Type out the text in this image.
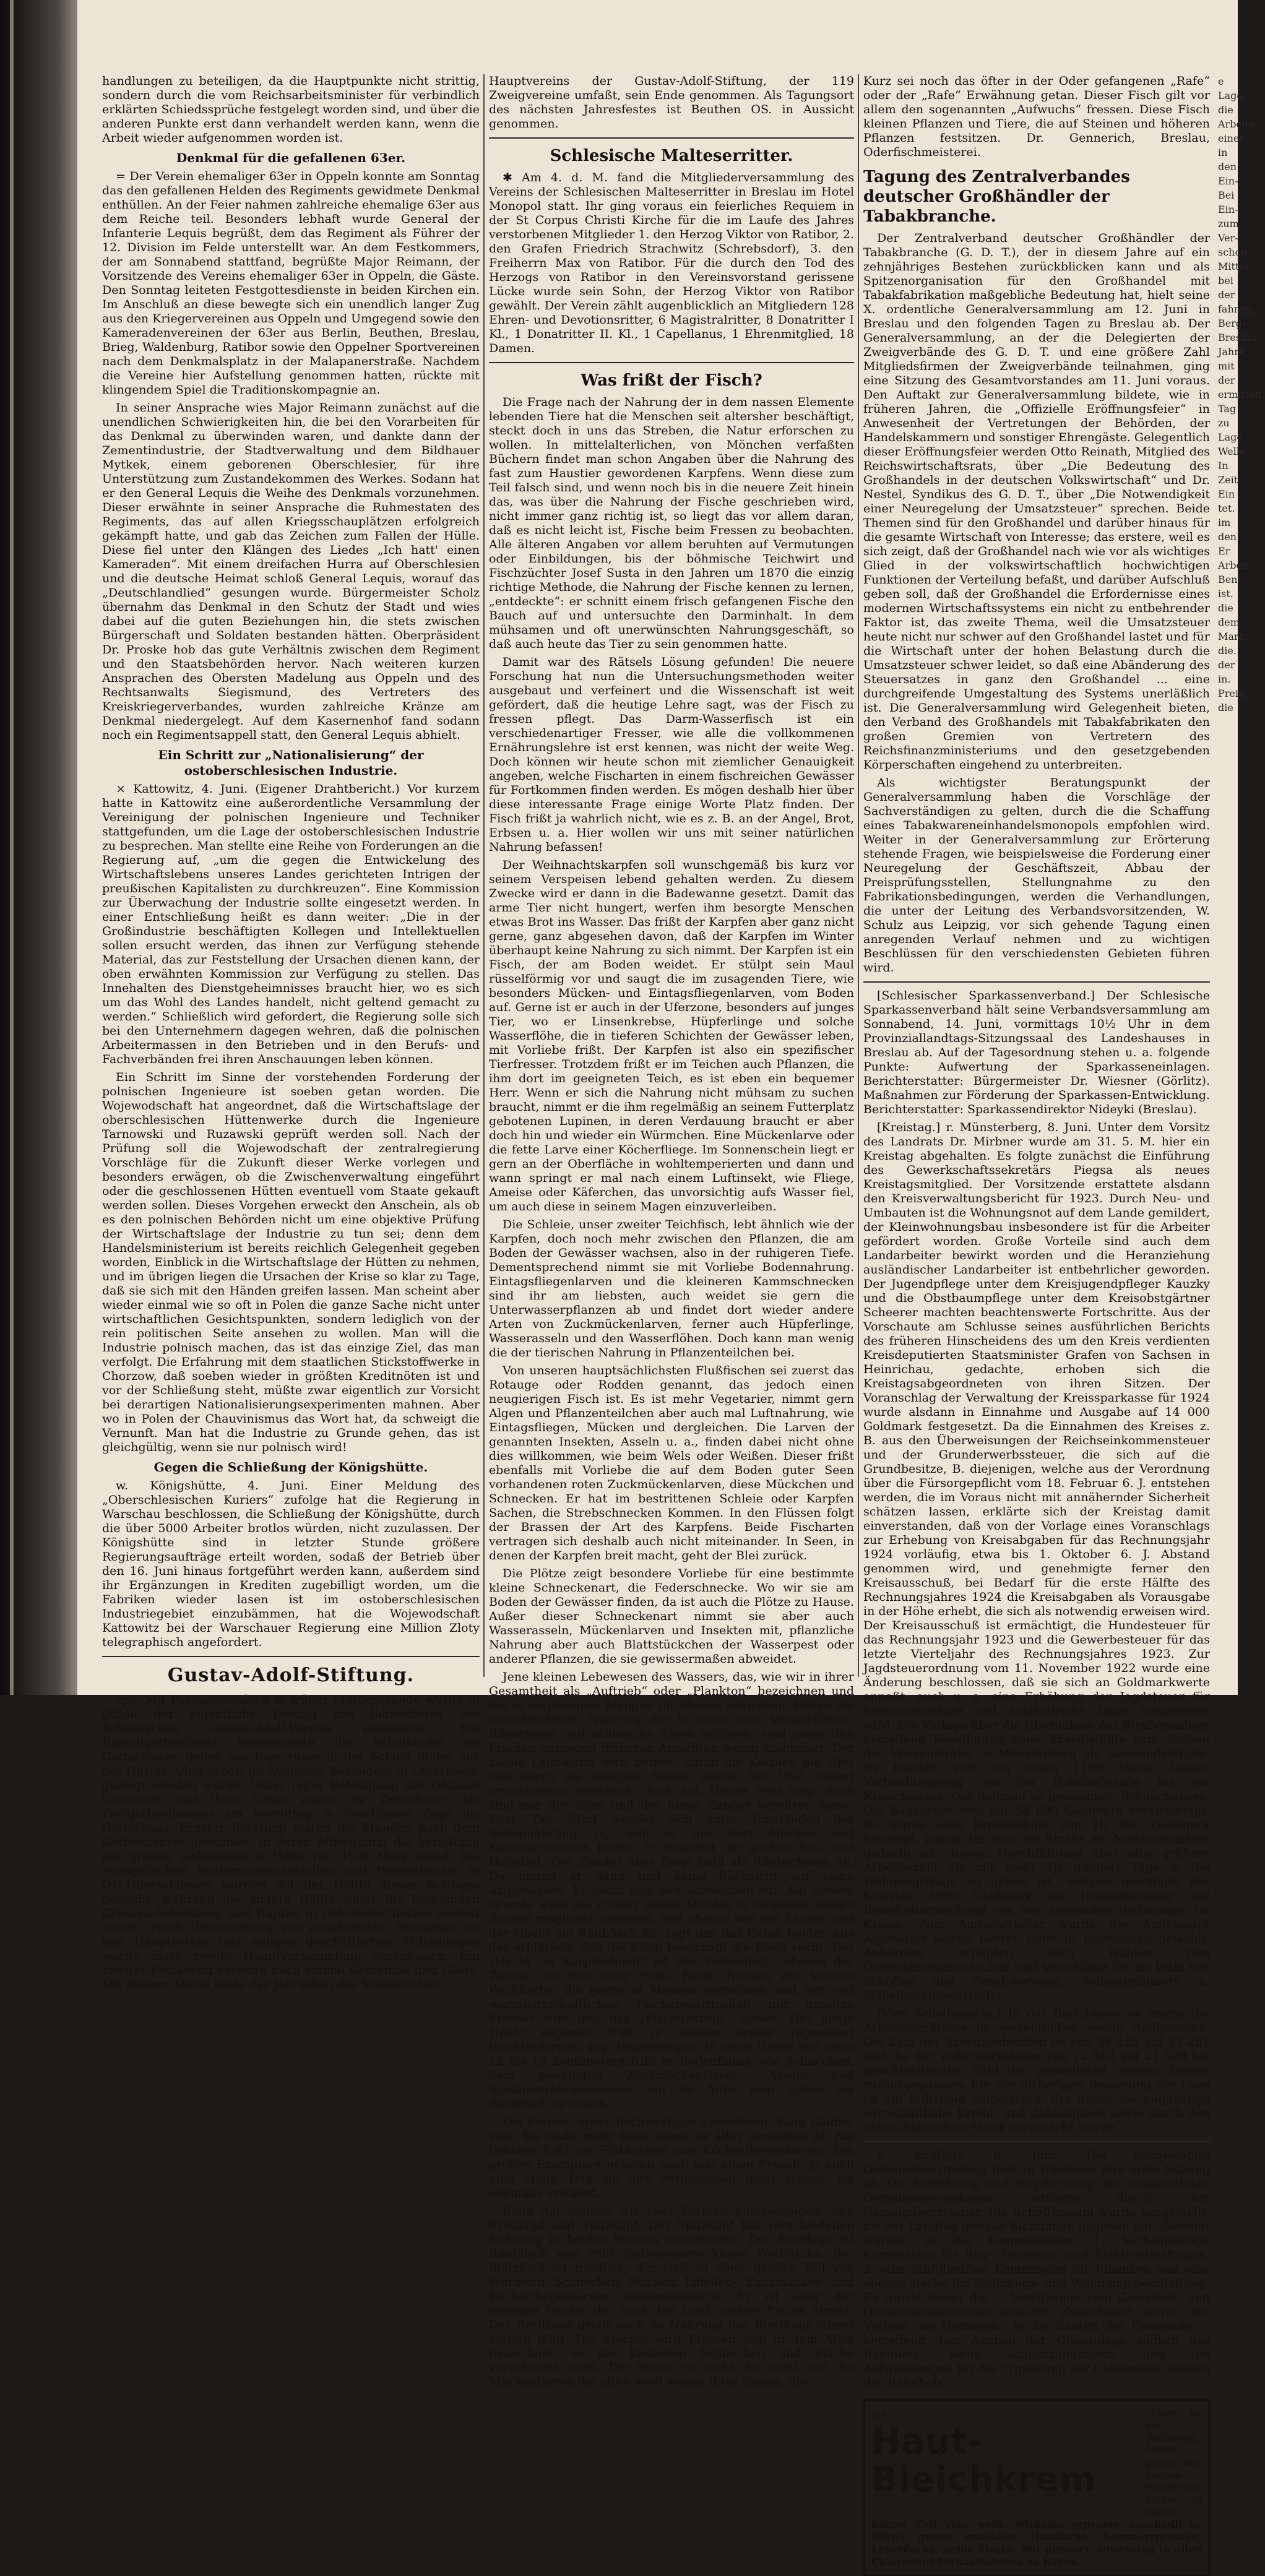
handlungen zu beteiligen, da die Hauptpunkte nicht strittig, sondern durch die vom Reichsarbeitsminister für verbindlich erklärten Schiedssprüche festgelegt worden sind, und über die anderen Punkte erst dann verhandelt werden kann, wenn die Arbeit wieder aufgenommen worden ist.

Denkmal für die gefallenen 63er.

= Der Verein ehemaliger 63er in Oppeln konnte am Sonntag das den gefallenen Helden des Regiments gewidmete Denkmal enthüllen. An der Feier nahmen zahlreiche ehemalige 63er aus dem Reiche teil. Besonders lebhaft wurde General der Infanterie Lequis begrüßt, dem das Regiment als Führer der 12. Division im Felde unterstellt war. An dem Festkommers, der am Sonnabend stattfand, begrüßte Major Reimann, der Vorsitzende des Vereins ehemaliger 63er in Oppeln, die Gäste. Den Sonntag leiteten Festgottesdienste in beiden Kirchen ein. Im Anschluß an diese bewegte sich ein unendlich langer Zug aus den Kriegervereinen aus Oppeln und Umgegend sowie den Kameradenvereinen der 63er aus Berlin, Beuthen, Breslau, Brieg, Waldenburg, Ratibor sowie den Oppelner Sportvereinen nach dem Denkmalsplatz in der Malapanerstraße. Nachdem die Vereine hier Aufstellung genommen hatten, rückte mit klingendem Spiel die Traditionskompagnie an.

In seiner Ansprache wies Major Reimann zunächst auf die unendlichen Schwierigkeiten hin, die bei den Vorarbeiten für das Denkmal zu überwinden waren, und dankte dann der Zementindustrie, der Stadtverwaltung und dem Bildhauer Mytkek, einem geborenen Oberschlesier, für ihre Unterstützung zum Zustandekommen des Werkes. Sodann hat er den General Lequis die Weihe des Denkmals vorzunehmen. Dieser erwähnte in seiner Ansprache die Ruhmestaten des Regiments, das auf allen Kriegsschauplätzen erfolgreich gekämpft hatte, und gab das Zeichen zum Fallen der Hülle. Diese fiel unter den Klängen des Liedes „Ich hatt' einen Kameraden“. Mit einem dreifachen Hurra auf Oberschlesien und die deutsche Heimat schloß General Lequis, worauf das „Deutschlandlied“ gesungen wurde. Bürgermeister Scholz übernahm das Denkmal in den Schutz der Stadt und wies dabei auf die guten Beziehungen hin, die stets zwischen Bürgerschaft und Soldaten bestanden hätten. Oberpräsident Dr. Proske hob das gute Verhältnis zwischen dem Regiment und den Staatsbehörden hervor. Nach weiteren kurzen Ansprachen des Obersten Madelung aus Oppeln und des Rechtsanwalts Siegismund, des Vertreters des Kreiskriegerverbandes, wurden zahlreiche Kränze am Denkmal niedergelegt. Auf dem Kasernenhof fand sodann noch ein Regimentsappell statt, den General Lequis abhielt.

Ein Schritt zur „Nationalisierung“ der ostoberschlesischen Industrie.

× Kattowitz, 4. Juni. (Eigener Drahtbericht.) Vor kurzem hatte in Kattowitz eine außerordentliche Versammlung der Vereinigung der polnischen Ingenieure und Techniker stattgefunden, um die Lage der ostoberschlesischen Industrie zu besprechen. Man stellte eine Reihe von Forderungen an die Regierung auf, „um die gegen die Entwickelung des Wirtschaftslebens unseres Landes gerichteten Intrigen der preußischen Kapitalisten zu durchkreuzen“. Eine Kommission zur Überwachung der Industrie sollte eingesetzt werden. In einer Entschließung heißt es dann weiter: „Die in der Großindustrie beschäftigten Kollegen und Intellektuellen sollen ersucht werden, das ihnen zur Verfügung stehende Material, das zur Feststellung der Ursachen dienen kann, der oben erwähnten Kommission zur Verfügung zu stellen. Das Innehalten des Dienstgeheimnisses braucht hier, wo es sich um das Wohl des Landes handelt, nicht geltend gemacht zu werden.“ Schließlich wird gefordert, die Regierung solle sich bei den Unternehmern dagegen wehren, daß die polnischen Arbeitermassen in den Betrieben und in den Berufs- und Fachverbänden frei ihren Anschauungen leben können.

Ein Schritt im Sinne der vorstehenden Forderung der polnischen Ingenieure ist soeben getan worden. Die Wojewodschaft hat angeordnet, daß die Wirtschaftslage der oberschlesischen Hüttenwerke durch die Ingenieure Tarnowski und Ruzawski geprüft werden soll. Nach der Prüfung soll die Wojewodschaft der zentralregierung Vorschläge für die Zukunft dieser Werke vorlegen und besonders erwägen, ob die Zwischenverwaltung eingeführt oder die geschlossenen Hütten eventuell vom Staate gekauft werden sollen. Dieses Vorgehen erweckt den Anschein, als ob es den polnischen Behörden nicht um eine objektive Prüfung der Wirtschaftslage der Industrie zu tun sei; denn dem Handelsministerium ist bereits reichlich Gelegenheit gegeben worden, Einblick in die Wirtschaftslage der Hütten zu nehmen, und im übrigen liegen die Ursachen der Krise so klar zu Tage, daß sie sich mit den Händen greifen lassen. Man scheint aber wieder einmal wie so oft in Polen die ganze Sache nicht unter wirtschaftlichen Gesichtspunkten, sondern lediglich von der rein politischen Seite ansehen zu wollen. Man will die Industrie polnisch machen, das ist das einzige Ziel, das man verfolgt. Die Erfahrung mit dem staatlichen Stickstoffwerke in Chorzow, daß soeben wieder in größten Kreditnöten ist und vor der Schließung steht, müßte zwar eigentlich zur Vorsicht bei derartigen Nationalisierungsexperimenten mahnen. Aber wo in Polen der Chauvinismus das Wort hat, da schweigt die Vernunft. Man hat die Industrie zu Grunde gehen, das ist gleichgültig, wenn sie nur polnisch wird!

Gegen die Schließung der Königshütte.

w. Königshütte, 4. Juni. Einer Meldung des „Oberschlesischen Kuriers“ zufolge hat die Regierung in Warschau beschlossen, die Schließung der Königshütte, durch die über 5000 Arbeiter brotlos würden, nicht zuzulassen. Der Königshütte sind in letzter Stunde größere Regierungsaufträge erteilt worden, sodaß der Betrieb über den 16. Juni hinaus fortgeführt werden kann, außerdem sind ihr Ergänzungen in Krediten zugebilligt worden, um die Fabriken wieder lasen ist im ostoberschlesischen Industriegebiet einzubämmen, hat die Wojewodschaft Kattowitz bei der Warschauer Regierung eine Million Zloty telegraphisch angefordert.

Gustav-Adolf-Stiftung.

eps. Mit Posaunenchören in früher Morgenstunde wurde in Ohlau der eigentliche Festtag des Jahresfestes des Schlesischen Gustav-Adolf-Vereins eingeleitet. Ein Jugendgottesdienst versammelte die Schulkinder im Gotteshause, denen am Tage zuvor in der Schule Bilder aus der Gustav-Adolf-Arbeit im Auslande, besonders in Österreich, gezeigt worden waren. Unter reger Beteiligung der Ohlauer Gemeinde und ihrer Gäste zogen die Teilnehmer des Festgottesdienstes am Vormittag in feierlichem Zuge ins Gotteshaus. Ernster Beratung waren die Stunden nach dem Gottesdienste gewidmet, in deren Mittelpunkt die Verteilung der großen Liebesgabe in Höhe von 4500 Mark stand. Die evangelischen Konfirmandenanstalten und Waisenhäuser in Ost-Oberschlesien wurden mit der Hälfte dieses Betrages bedacht, während die andere Hälfte unter die Gemeinden Grüssau-Schömberg und Ruptau in Ost-Oberschlesien verteilt wurde. Nach Überreichung von ansehnlichen Festgaben an den Hauptverein und einigen geschäftlichen Mitteilungen wurde diese zweite Hauptversammlung geschlossen. Ein zweiter Festabend vereinte noch einmal Gemeinde und Gäste. Mit diesem Abend hatte das Jahresfest des Schlesischen

Hauptvereins der Gustav-Adolf-Stiftung, der 119 Zweigvereine umfaßt, sein Ende genommen. Als Tagungsort des nächsten Jahresfestes ist Beuthen OS. in Aussicht genommen.

Schlesische Malteserritter.

✱ Am 4. d. M. fand die Mitgliederversammlung des Vereins der Schlesischen Malteserritter in Breslau im Hotel Monopol statt. Ihr ging voraus ein feierliches Requiem in der St Corpus Christi Kirche für die im Laufe des Jahres verstorbenen Mitglieder 1. den Herzog Viktor von Ratibor, 2. den Grafen Friedrich Strachwitz (Schrebsdorf), 3. den Freiherrn Max von Ratibor. Für die durch den Tod des Herzogs von Ratibor in den Vereinsvorstand gerissene Lücke wurde sein Sohn, der Herzog Viktor von Ratibor gewählt. Der Verein zählt augenblicklich an Mitgliedern 128 Ehren- und Devotionsritter, 6 Magistralritter, 8 Donatritter I Kl., 1 Donatritter II. Kl., 1 Capellanus, 1 Ehrenmitglied, 18 Damen.

Was frißt der Fisch?

Die Frage nach der Nahrung der in dem nassen Elemente lebenden Tiere hat die Menschen seit altersher beschäftigt, steckt doch in uns das Streben, die Natur erforschen zu wollen. In mittelalterlichen, von Mönchen verfaßten Büchern findet man schon Angaben über die Nahrung des fast zum Haustier gewordenen Karpfens. Wenn diese zum Teil falsch sind, und wenn noch bis in die neuere Zeit hinein das, was über die Nahrung der Fische geschrieben wird, nicht immer ganz richtig ist, so liegt das vor allem daran, daß es nicht leicht ist, Fische beim Fressen zu beobachten. Alle älteren Angaben vor allem beruhten auf Vermutungen oder Einbildungen, bis der böhmische Teichwirt und Fischzüchter Josef Susta in den Jahren um 1870 die einzig richtige Methode, die Nahrung der Fische kennen zu lernen, „entdeckte“: er schnitt einem frisch gefangenen Fische den Bauch auf und untersuchte den Darminhalt. In dem mühsamen und oft unerwünschten Nahrungsgeschäft, so daß auch heute das Tier zu sein genommen hatte.

Damit war des Rätsels Lösung gefunden! Die neuere Forschung hat nun die Untersuchungsmethoden weiter ausgebaut und verfeinert und die Wissenschaft ist weit gefördert, daß die heutige Lehre sagt, was der Fisch zu fressen pflegt. Das Darm-Wasserfisch ist ein verschiedenartiger Fresser, wie alle die vollkommenen Ernährungslehre ist erst kennen, was nicht der weite Weg. Doch können wir heute schon mit ziemlicher Genauigkeit angeben, welche Fischarten in einem fischreichen Gewässer für Fortkommen finden werden. Es mögen deshalb hier über diese interessante Frage einige Worte Platz finden. Der Fisch frißt ja wahrlich nicht, wie es z. B. an der Angel, Brot, Erbsen u. a. Hier wollen wir uns mit seiner natürlichen Nahrung befassen!

Der Weihnachtskarpfen soll wunschgemäß bis kurz vor seinem Verspeisen lebend gehalten werden. Zu diesem Zwecke wird er dann in die Badewanne gesetzt. Damit das arme Tier nicht hungert, werfen ihm besorgte Menschen etwas Brot ins Wasser. Das frißt der Karpfen aber ganz nicht gerne, ganz abgesehen davon, daß der Karpfen im Winter überhaupt keine Nahrung zu sich nimmt. Der Karpfen ist ein Fisch, der am Boden weidet. Er stülpt sein Maul rüsselförmig vor und saugt die im zusagenden Tiere, wie besonders Mücken- und Eintagsfliegenlarven, vom Boden auf. Gerne ist er auch in der Uferzone, besonders auf junges Tier, wo er Linsenkrebse, Hüpferlinge und solche Wasserflöhe, die in tieferen Schichten der Gewässer leben, mit Vorliebe frißt. Der Karpfen ist also ein spezifischer Tierfresser. Trotzdem frißt er im Teichen auch Pflanzen, die ihm dort im geeigneten Teich, es ist eben ein bequemer Herr. Wenn er sich die Nahrung nicht mühsam zu suchen braucht, nimmt er die ihm regelmäßig an seinem Futterplatz gebotenen Lupinen, in deren Verdauung braucht er aber doch hin und wieder ein Würmchen. Eine Mückenlarve oder die fette Larve einer Köcherfliege. Im Sonnenschein liegt er gern an der Oberfläche in wohltemperierten und dann und wann springt er mal nach einem Luftinsekt, wie Fliege, Ameise oder Käferchen, das unvorsichtig aufs Wasser fiel, um auch diese in seinem Magen einzuverleiben.

Die Schleie, unser zweiter Teichfisch, lebt ähnlich wie der Karpfen, doch noch mehr zwischen den Pflanzen, die am Boden der Gewässer wachsen, also in der ruhigeren Tiefe. Dementsprechend nimmt sie mit Vorliebe Bodennahrung. Eintagsfliegenlarven und die kleineren Kammschnecken sind ihr am liebsten, auch weidet sie gern die Unterwasserpflanzen ab und findet dort wieder andere Arten von Zuckmückenlarven, ferner auch Hüpferlinge, Wasserasseln und den Wasserflöhen. Doch kann man wenig die der tierischen Nahrung in Pflanzenteilchen bei.

Von unseren hauptsächlichsten Flußfischen sei zuerst das Rotauge oder Rodden genannt, das jedoch einen neugierigen Fisch ist. Es ist mehr Vegetarier, nimmt gern Algen und Pflanzenteilchen aber auch mal Luftnahrung, wie Eintagsfliegen, Mücken und dergleichen. Die Larven der genannten Insekten, Asseln u. a., finden dabei nicht ohne dies willkommen, wie beim Wels oder Weißen. Dieser frißt ebenfalls mit Vorliebe die auf dem Boden guter Seen vorhandenen roten Zuckmückenlarven, diese Mückchen und Schnecken. Er hat im bestrittenen Schleie oder Karpfen Sachen, die Strebschnecken Kommen. In den Flüssen folgt der Brassen der Art des Karpfens. Beide Fischarten vertragen sich deshalb auch nicht miteinander. In Seen, in denen der Karpfen breit macht, geht der Blei zurück.

Die Plötze zeigt besondere Vorliebe für eine bestimmte kleine Schneckenart, die Federschnecke. Wo wir sie am Boden der Gewässer finden, da ist auch die Plötze zu Hause. Außer dieser Schneckenart nimmt sie aber auch Wasserasseln, Mückenlarven und Insekten mit, pflanzliche Nahrung aber auch Blattstückchen der Wasserpest oder anderer Pflanzen, die sie gewissermaßen abweidet.

Jene kleinen Lebewesen des Wassers, das, wie wir in ihrer Gesamtheit als „Auftrieb“ oder „Plankton“ bezeichnen und die in ungeheuren Mengen im Wasser schweben, bilden die ausschließliche Nahrung der in ihnen vom Wasserflöhen, Räderkiere und zahlreiche Algen gehören, sind unter den Fischen entgegen früheren Ansichten wenig Liebhaber. Der kleine Laubwurfs wird befreit, durch die Karpfen die Ufer und durch die wenigen Stellen dahin. Der Ufel, nimmt erwachsenen Weißfisch, doch auf, Dieses frißt weg, doch sind nur der Stint und der junge Zander Verehrer dieser Kost. Der Stint wendet sich unter Umständen der Bodennahrung zu, weil er nur dort Mücken und Kammschnecken findet. Er bewohnt die großen See- und Haffstint. Der Zander aber fängt bald als Räuberleben an. Da nimmt er dann und keine Rücksicht auf seine Artgenossen. Er packt sich den Schwächen auf. Auf diesem Grunde wäre die Zander seines Mordes in Gewässer seinen Zander möglichst verteilen. Daß ebenso wie der Zander und der Hecht ein Raubfisch ist, sagt uns das Gebiß beider, aus der erklärlich, daß die Fisch bevorzugt die Fisch recht. Der „Hecht im Karpfenteich“ ist der Polizeifisch, ebenso der Zander im See oder Fluß. Beide fressen die kleinen Weißfische, die gerne in Massen vermehren und den viel warmwirtschaftlichen Fischereiwirtschaft nur unnütze Fresser sind und das „Fischunkraut“ bilden. Der junge Hecht dagegen frißt in seinem ersten Jugendzeit Insektenlarven, sog. Hüpferlingen. In einer Größe von etwa 12 bis 15 Zentimetern frißt er Bodenfauna, wie Schnecken, dem genannten Zuckmückenlarven, Asseln und Schlammröhrenwürmer, um im Alter kein Leben als Raubfisch zu enden.

Die Forelle, unser hochwertiger Speisefisch, kann Räuber sein. Sie raubt mehr denn, wenn sie älter geworden ist. Am liebsten frißt sie Flohkrebse und Köcherfliegenlarven. Die großen Exemplare nehmen auch mal einen Frosch, ja auch eine Maus. Daß sie ihre Artgenossen nicht schont, sei ebenfalls erwähnt.

Beim Aal können wir zwei Formen unterscheiden: den Breitkopf und Spitzkopf. Der Spitzkopf hat verschiedenen Nahrung in beiden Formen verschieden. Der Breitkopf ist Raubfisch und frißt insbesondere kleine Weißfische, der Spitzkopf ist friedlich, der sich zu einer großen Teil von Würmern, Schnecken, Mücken, Libellen-, Zuckmücken- und Köcherfliegenlarven zusammensucht. Er ist aber der wenigen Fische, der auch den Laich andere Fische nimmt. Der Breitkopf greift auch zu Nahrung der Breitkopf nimmt andere fehlt. Die Stachel wird Fressen sich in dem Alter bezeichnet, es die kleineren Schnecken und Fische verschmäht nicht. Die Seiten ist nicht die wohl und die Mückenlarven die alten wohl wegen ihrer Speise, die

Kurz sei noch das öfter in der Oder gefangenen „Rafe“ oder der „Rafe“ Erwähnung getan. Dieser Fisch gilt vor allem den sogenannten „Aufwuchs“ fressen. Diese Fisch kleinen Pflanzen und Tiere, die auf Steinen und höheren Pflanzen festsitzen. Dr. Gennerich, Breslau, Oderfischmeisterei.

Tagung des Zentralverbandes deutscher Großhändler der Tabakbranche.

Der Zentralverband deutscher Großhändler der Tabakbranche (G. D. T.), der in diesem Jahre auf ein zehnjähriges Bestehen zurückblicken kann und als Spitzenorganisation für den Großhandel mit Tabakfabrikation maßgebliche Bedeutung hat, hielt seine X. ordentliche Generalversammlung am 12. Juni in Breslau und den folgenden Tagen zu Breslau ab. Der Generalversammlung, an der die Delegierten der Zweigverbände des G. D. T. und eine größere Zahl Mitgliedsfirmen der Zweigverbände teilnahmen, ging eine Sitzung des Gesamtvorstandes am 11. Juni voraus. Den Auftakt zur Generalversammlung bildete, wie in früheren Jahren, die „Offizielle Eröffnungsfeier“ in Anwesenheit der Vertretungen der Behörden, der Handelskammern und sonstiger Ehrengäste. Gelegentlich dieser Eröffnungsfeier werden Otto Reinath, Mitglied des Reichswirtschaftsrats, über „Die Bedeutung des Großhandels in der deutschen Volkswirtschaft“ und Dr. Nestel, Syndikus des G. D. T., über „Die Notwendigkeit einer Neuregelung der Umsatzsteuer“ sprechen. Beide Themen sind für den Großhandel und darüber hinaus für die gesamte Wirtschaft von Interesse; das erstere, weil es sich zeigt, daß der Großhandel nach wie vor als wichtiges Glied in der volkswirtschaftlich hochwichtigen Funktionen der Verteilung befaßt, und darüber Aufschluß geben soll, daß der Großhandel die Erfordernisse eines modernen Wirtschaftssystems ein nicht zu entbehrender Faktor ist, das zweite Thema, weil die Umsatzsteuer heute nicht nur schwer auf den Großhandel lastet und für die Wirtschaft unter der hohen Belastung durch die Umsatzsteuer schwer leidet, so daß eine Abänderung des Steuersatzes in ganz den Großhandel ... eine durchgreifende Umgestaltung des Systems unerläßlich ist. Die Generalversammlung wird Gelegenheit bieten, den Verband des Großhandels mit Tabakfabrikaten den großen Gremien von Vertretern des Reichsfinanzministeriums und den gesetzgebenden Körperschaften eingehend zu unterbreiten.

Als wichtigster Beratungspunkt der Generalversammlung haben die Vorschläge der Sachverständigen zu gelten, durch die die Schaffung eines Tabakwareneinhandelsmonopols empfohlen wird. Weiter in der Generalversammlung zur Erörterung stehende Fragen, wie beispielsweise die Forderung einer Neuregelung der Geschäftszeit, Abbau der Preisprüfungsstellen, Stellungnahme zu den Fabrikationsbedingungen, werden die Verhandlungen, die unter der Leitung des Verbandsvorsitzenden, W. Schulz aus Leipzig, vor sich gehende Tagung einen anregenden Verlauf nehmen und zu wichtigen Beschlüssen für den verschiedensten Gebieten führen wird.

[Schlesischer Sparkassenverband.] Der Schlesische Sparkassenverband hält seine Verbandsversammlung am Sonnabend, 14. Juni, vormittags 10½ Uhr in dem Provinziallandtags-Sitzungssaal des Landeshauses in Breslau ab. Auf der Tagesordnung stehen u. a. folgende Punkte: Aufwertung der Sparkasseneinlagen. Berichterstatter: Bürgermeister Dr. Wiesner (Görlitz). Maßnahmen zur Förderung der Sparkassen-Entwicklung. Berichterstatter: Sparkassendirektor Nideyki (Breslau).

[Kreistag.] r. Münsterberg, 8. Juni. Unter dem Vorsitz des Landrats Dr. Mirbner wurde am 31. 5. M. hier ein Kreistag abgehalten. Es folgte zunächst die Einführung des Gewerkschaftssekretärs Piegsa als neues Kreistagsmitglied. Der Vorsitzende erstattete alsdann den Kreisverwaltungsbericht für 1923. Durch Neu- und Umbauten ist die Wohnungsnot auf dem Lande gemildert, der Kleinwohnungsbau insbesondere ist für die Arbeiter gefördert worden. Große Vorteile sind auch dem Landarbeiter bewirkt worden und die Heranziehung ausländischer Landarbeiter ist entbehrlicher geworden. Der Jugendpflege unter dem Kreisjugendpfleger Kauzky und die Obstbaumpflege unter dem Kreisobstgärtner Scheerer machten beachtenswerte Fortschritte. Aus der Vorschaute am Schlusse seines ausführlichen Berichts des früheren Hinscheidens des um den Kreis verdienten Kreisdeputierten Staatsminister Grafen von Sachsen in Heinrichau, gedachte, erhoben sich die Kreistagsabgeordneten von ihren Sitzen. Der Voranschlag der Verwaltung der Kreissparkasse für 1924 wurde alsdann in Einnahme und Ausgabe auf 14 000 Goldmark festgesetzt. Da die Einnahmen des Kreises z. B. aus den Überweisungen der Reichseinkommensteuer und der Grunderwerbssteuer, die sich auf die Grundbesitze, B. diejenigen, welche aus der Verordnung über die Fürsorgepflicht vom 18. Februar 6. J. entstehen werden, die im Voraus nicht mit annähernder Sicherheit schätzen lassen, erklärte sich der Kreistag damit einverstanden, daß von der Vorlage eines Voranschlags zur Erhebung von Kreisabgaben für das Rechnungsjahr 1924 vorläufig, etwa bis 1. Oktober 6. J. Abstand genommen wird, und genehmigte ferner den Kreisausschuß, bei Bedarf für die erste Hälfte des Rechnungsjahres 1924 die Kreisabgaben als Vorausgabe in der Höhe erhebt, die sich als notwendig erweisen wird. Der Kreisausschuß ist ermächtigt, die Hundesteuer für das Rechnungsjahr 1923 und die Gewerbesteuer für das letzte Vierteljahr des Rechnungsjahres 1923. Zur Jagdsteuerordnung vom 11. November 1922 wurde eine Änderung beschlossen, daß sie sich an Goldmarkwerte anpaßt, auch u. a. eine Erhöhung der Jagdsteuer für kreisausmärkige und ausländische Jäger vorgesehen wird. Die Vorlage über die Übernahme der Straßenanlage betreffend Bewilligung einer Kreisbeihilfe zum Ausbau der Wiesenstraße in Münsterberg als Gemeindestraße. Es handelt sich um einen 1160 Meter langen Verbindungsweg von der Bahnhofstraße bis zur Kreischausee. Der Bahnhof ist gezeichnet, Schauchausee. Die Baukosten sind auf 58 000 Goldmark veranschlagt. Es wurde eine Kreisbeihilfe von 10 800 Goldmark bewilligt, zumal der Bau der Straße als Notstandsarbeit gedacht ist, dessen Durchführung aber eine größere Arbeiterzahl als mit mehr als hundert Tage in die Wohnungsfrage zu geben ist. Sodann bewilligte der Kreistag 5000 Goldmark zur Instandsetzung und Bewohnbarmachung von leer stehenden Wohnungen im Kreise. Zum Amtsvorsteher wurde der Amtsbezirk Algersdorf wurde Lehrer Relfe in Dobrischau gewählt. Außerdem erfolgten noch Wahlen zum Gewerbesteuerausschuß und Vorschläge für die Wahl von Schöffen und Geschworenen, Schiedsmännern u. Schiedsmannsvertreter.

[Vom Arbeitsmarkt.] In der Berichtswoche zeigte die Arbeitsmarktlage im wesentlichen wenig Änderungen. Die Zahl der Arbeitsuchenden ist von 38 455 auf 37 281 und die der Vollerwerbslosen von 22 563 auf 21 529 bei gleichbleibender Zahl der gemeldeten offenen Stellen zurückgegangen. Ein der bisherigen Besserung der Lage ist ein Stillstand eingetreten, der durch die ungünstige wirtschaftliche Kredit- und Zahlungsnot sowie durch den oberschlesischen Streik verursacht wurde.

z. Kohlfurt, 8. Juni. Die neugewählte Gemeindevertretung hielt in Waldhaus ihre erste Sitzung ab. Die Einführung und Verpflichtung der neugewählten Gemeindeverordneten erfolgte durch den Gemeindevorsteher. Die Schöffenwahl wurde ausgestellt, bis der Landtag genaue Richtlinien gegeben hat. Gewählt wurden in die Kommissionen: 1. Sechsgliedrige Kommission für Bau-, Wegebau- und Elektrizitätsfragen, 2. eine fünfgliedrige Kommission für Finanzen und eine ebenso starke für Wohnungs- und Wohnungsbeschaffung. Es wurde ferner die ... Vorsitzende zum Gemeinde- und Gemeindeausschusse gewählt. Zugestimmt wurde der Vorlage der Gemeinde, in die Bauten der Gemeinde ... betreffend dem Ausbau der Gleisanlage südlich des Bahnhofs, wenn schlichtungsfonds und die Aufwendungen für die Ergänzung der Gleisanlage südlich des Bahnhofs.

119
Haut-Bleichkrem
„Flore“ ist ein Werkzeug, Mittel gegen alle kleinen Hautfehler. Sicher zu haben.
kurzer Zeit rein weiß. Wirksam erprobte unschädliche Mittel gegen unschöne Hautfarbe, Sommersprossen, Leberflecke, gelbe Flecke. Mit genauer Anweisung in allen Chlorodont-Verkaufsstellen zu haben.
e Lage, die Arbeits- einer in den Ein- Bei Ein- zum Ver- schon Mittel bei der fahren, Berg- Breslau. Jahre, mit der ermittelt. Tag zu Lage Welle. In Zeit. Ein tet. im den Er Arbeit. Ben. ist. die dem Mark. die. der in. Preis. die
